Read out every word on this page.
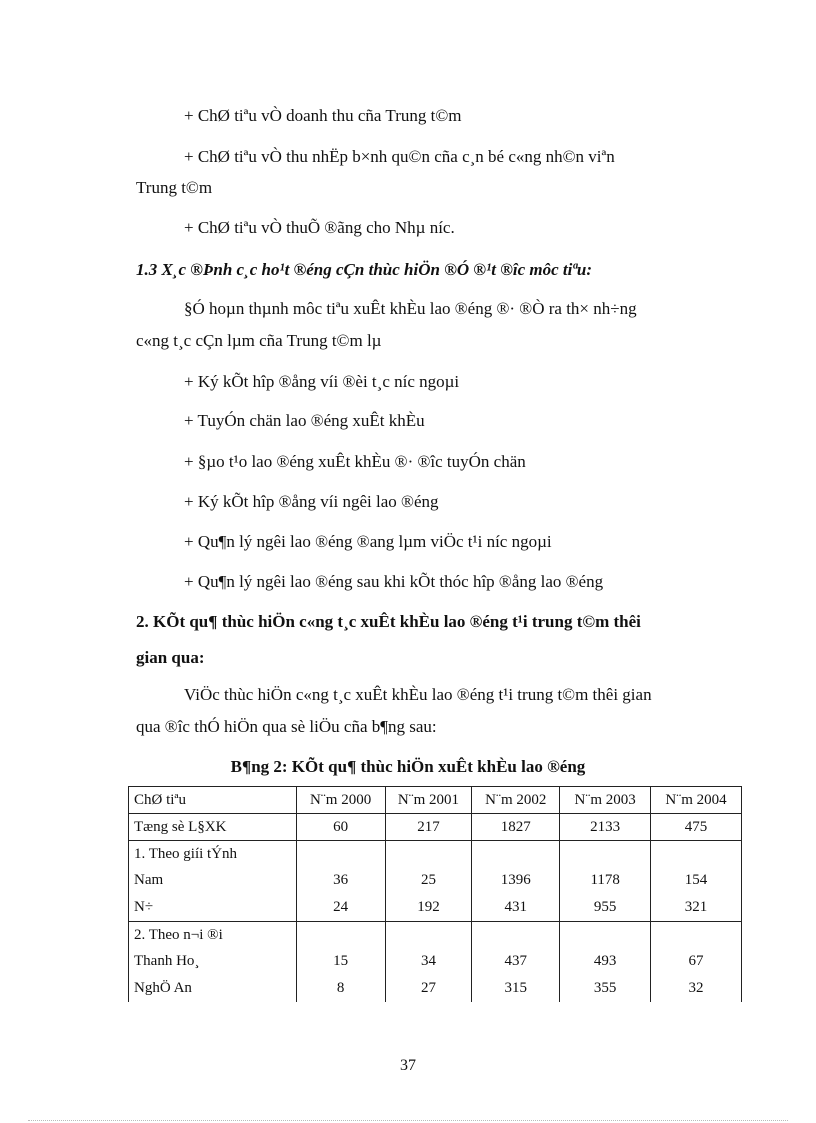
+ ChØ tiªu vÒ doanh thu cña Trung t©m
+ ChØ tiªu vÒ thu nhËp b×nh qu©n cña c¸n bé c«ng nh©n viªn
Trung t©m
+ ChØ tiªu vÒ thuÕ ®ãng cho Nhµ níc.
1.3 X¸c ®Þnh c¸c ho¹t ®éng cÇn thùc hiÖn ®Ó ®¹t ®îc môc tiªu:
§Ó hoµn thµnh môc tiªu xuÊt khÈu lao ®éng ®· ®Ò ra th× nh÷ng
c«ng t¸c cÇn lµm cña Trung t©m lµ
+ Ký kÕt hîp ®ång víi ®èi t¸c níc ngoµi
+ TuyÓn chän lao ®éng xuÊt khÈu
+ §µo t¹o lao ®éng xuÊt khÈu ®· ®îc tuyÓn chän
+ Ký kÕt hîp ®ång víi ngêi lao ®éng
+ Qu¶n lý ngêi lao ®éng ®ang lµm viÖc t¹i níc ngoµi
+ Qu¶n lý ngêi lao ®éng sau khi kÕt thóc hîp ®ång lao ®éng
2. KÕt qu¶ thùc hiÖn c«ng t¸c xuÊt khÈu lao ®éng t¹i trung t©m thêi
gian qua:
ViÖc thùc hiÖn c«ng t¸c xuÊt khÈu lao ®éng t¹i trung t©m thêi gian
qua ®îc thÓ hiÖn qua sè liÖu cña b¶ng sau:
B¶ng 2: KÕt qu¶ thùc hiÖn xuÊt khÈu lao ®éng
ChØ tiªu	N¨m 2000	N¨m 2001	N¨m 2002	N¨m 2003	N¨m 2004
Tæng sè L§XK	60	217	1827	2133	475
1. Theo giíi tÝnh					
Nam	36	25	1396	1178	154
N÷	24	192	431	955	321
2. Theo n¬i ®i					
Thanh Ho¸	15	34	437	493	67
NghÖ An	8	27	315	355	32
37
